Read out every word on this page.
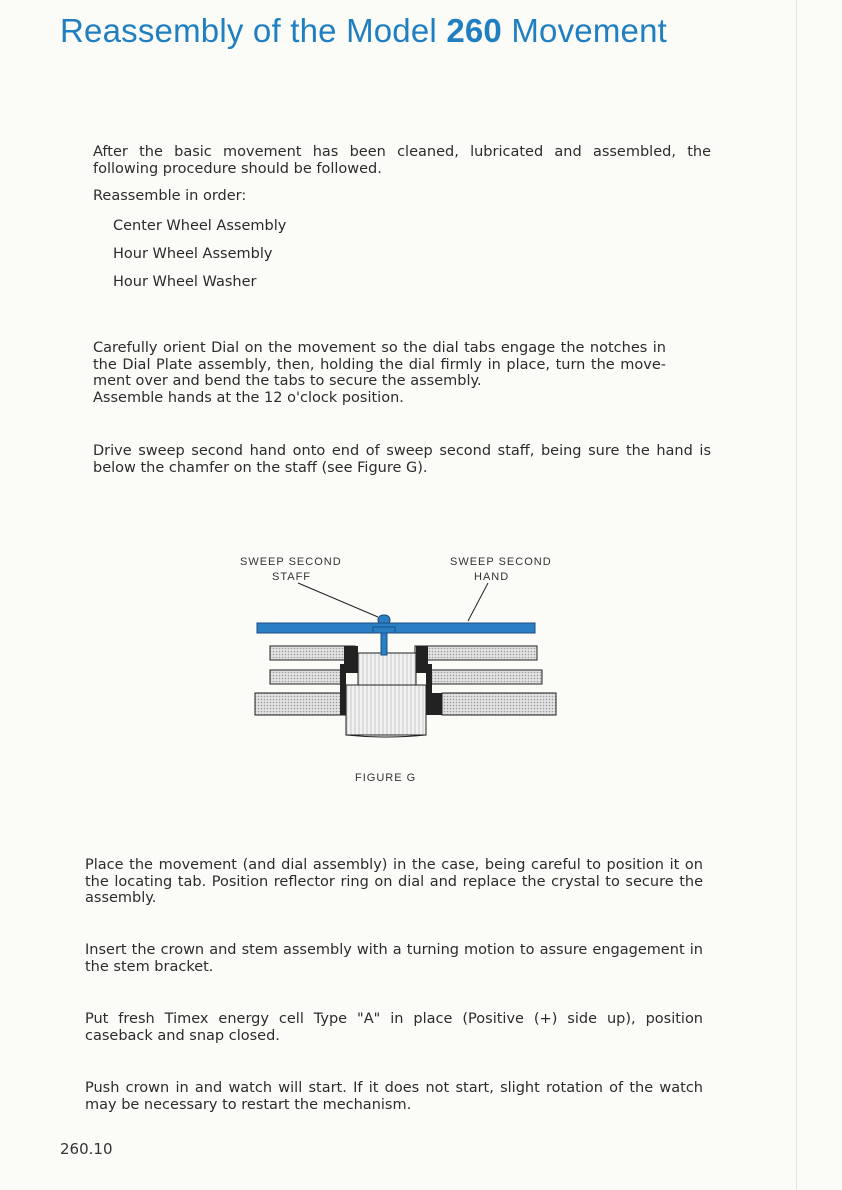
Reassembly of the Model 260 Movement
After the basic movement has been cleaned, lubricated and assembled, the following procedure should be followed.
Reassemble in order:
Center Wheel Assembly
Hour Wheel Assembly
Hour Wheel Washer
Carefully orient Dial on the movement so the dial tabs engage the notches in the Dial Plate assembly, then, holding the dial firmly in place, turn the move-ment over and bend the tabs to secure the assembly.
Assemble hands at the 12 o'clock position.
Drive sweep second hand onto end of sweep second staff, being sure the hand is below the chamfer on the staff (see Figure G).
SWEEP SECOND
STAFF
SWEEP SECOND
HAND
FIGURE G
Place the movement (and dial assembly) in the case, being careful to position it on the locating tab. Position reflector ring on dial and replace the crystal to secure the assembly.
Insert the crown and stem assembly with a turning motion to assure engagement in the stem bracket.
Put fresh Timex energy cell Type "A" in place (Positive (+) side up), position caseback and snap closed.
Push crown in and watch will start. If it does not start, slight rotation of the watch may be necessary to restart the mechanism.
260.10
